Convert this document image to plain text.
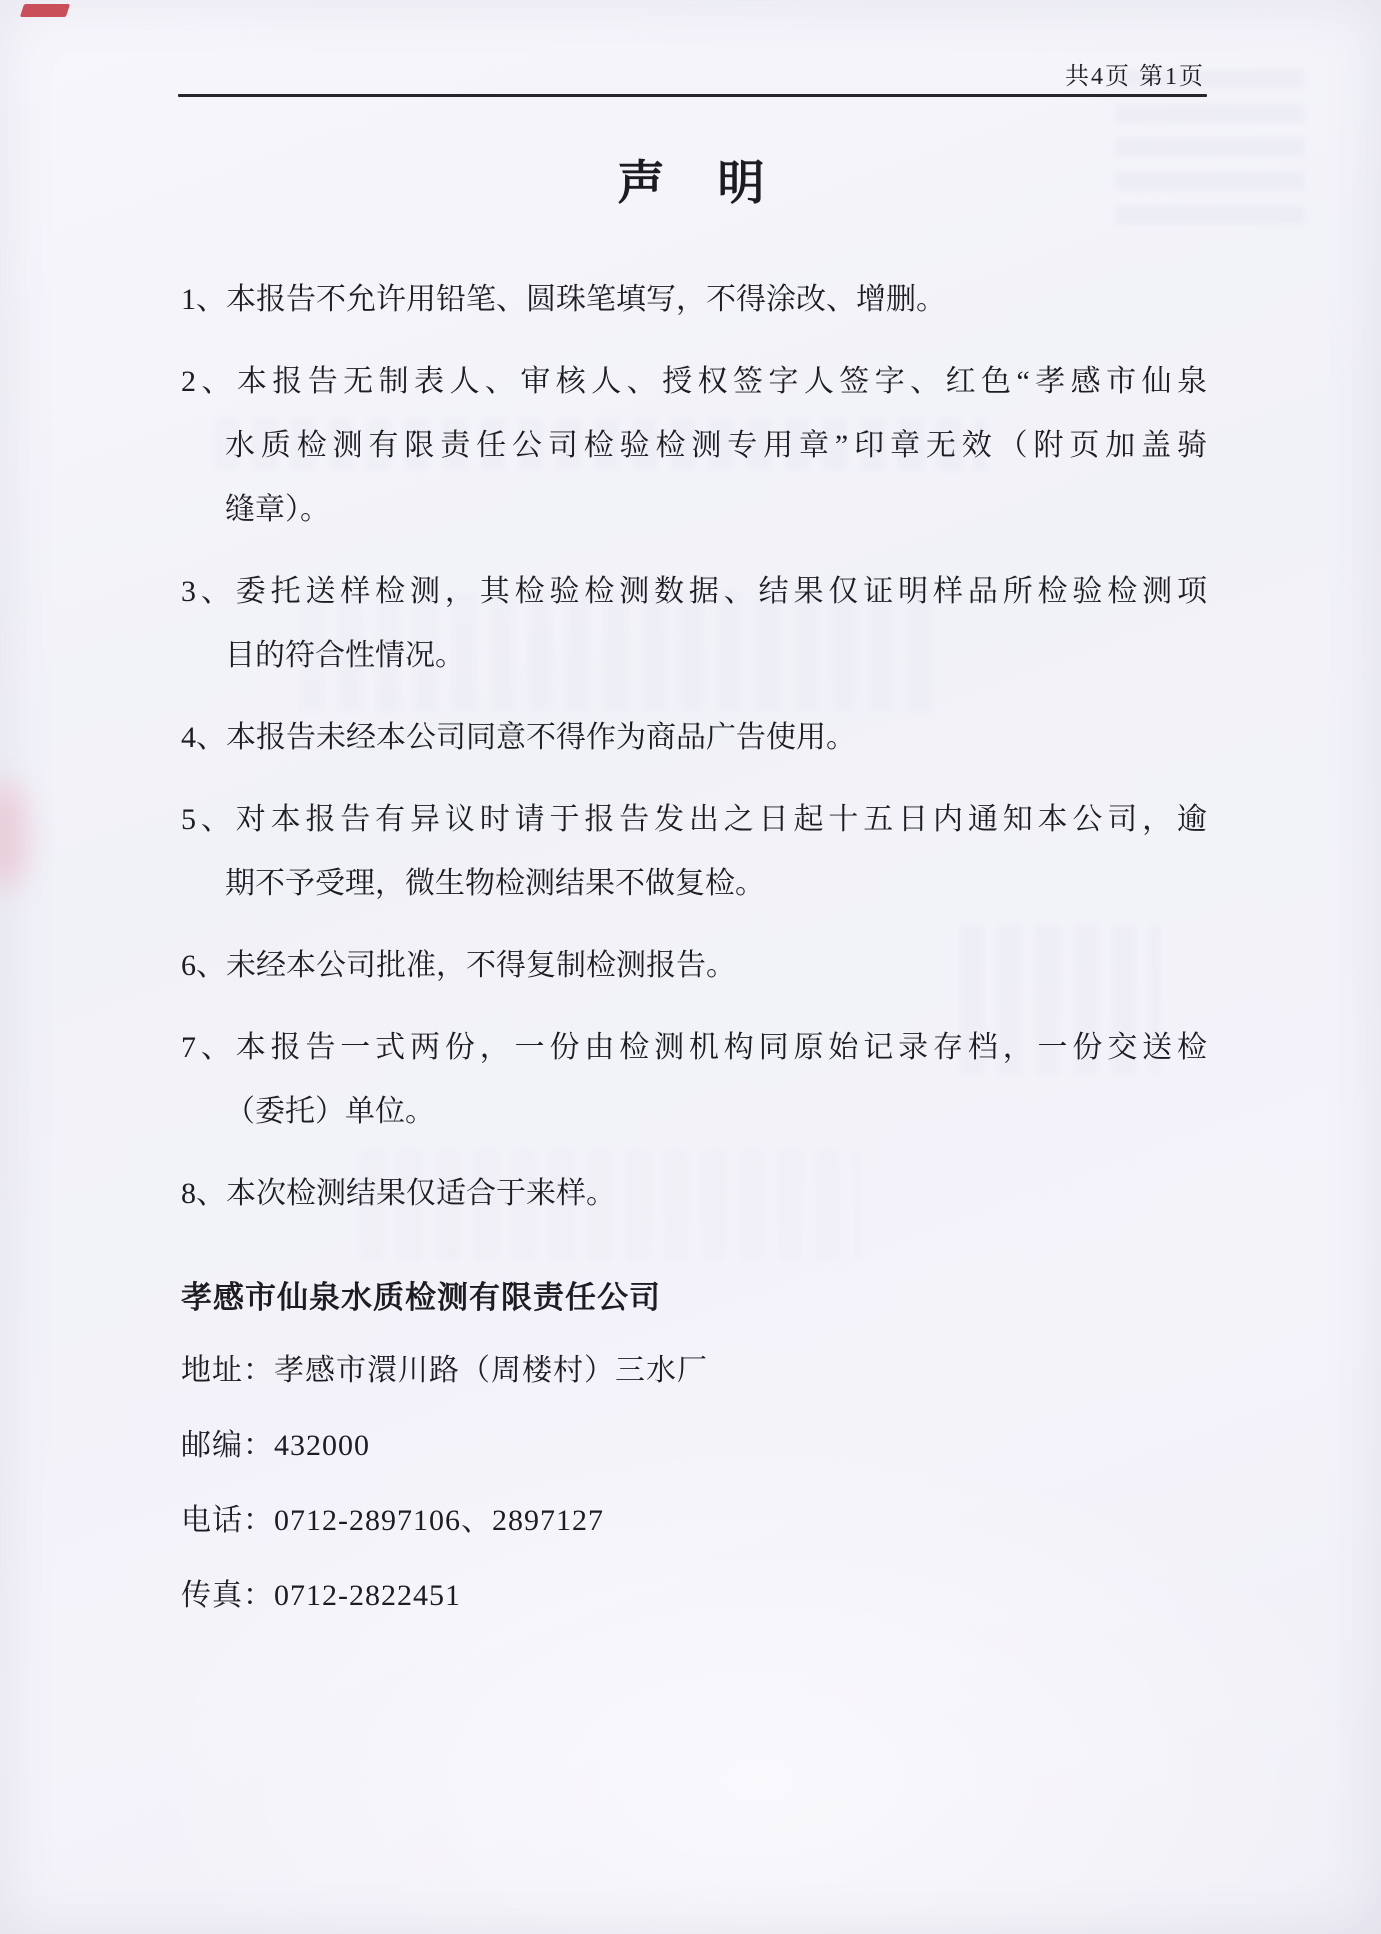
共4页 第1页
声　明
1、本报告不允许用铅笔、圆珠笔填写，不得涂改、增删。
2、本报告无制表人、审核人、授权签字人签字、红色“孝感市仙泉
水质检测有限责任公司检验检测专用章”印章无效（附页加盖骑
缝章）。
3、委托送样检测，其检验检测数据、结果仅证明样品所检验检测项
目的符合性情况。
4、本报告未经本公司同意不得作为商品广告使用。
5、对本报告有异议时请于报告发出之日起十五日内通知本公司，逾
期不予受理，微生物检测结果不做复检。
6、未经本公司批准，不得复制检测报告。
7、本报告一式两份，一份由检测机构同原始记录存档，一份交送检
（委托）单位。
8、本次检测结果仅适合于来样。
孝感市仙泉水质检测有限责任公司
地址：孝感市澴川路（周楼村）三水厂
邮编：432000
电话：0712-2897106、2897127
传真：0712-2822451
